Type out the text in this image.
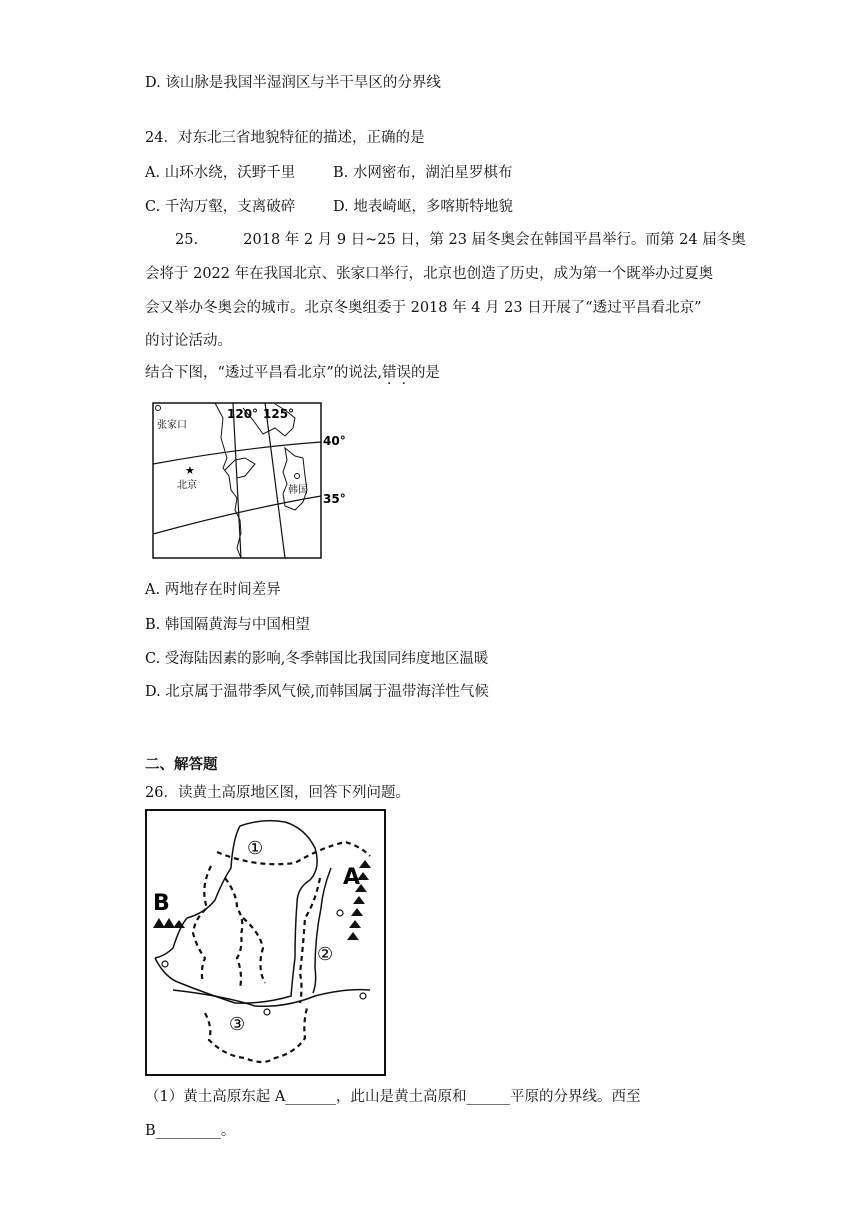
D. 该山脉是我国半湿润区与半干旱区的分界线
24．对东北三省地貌特征的描述，正确的是
A. 山环水绕，沃野千里	B. 水网密布，湖泊星罗棋布
C. 千沟万壑，支离破碎	D. 地表崎岖，多喀斯特地貌
25.	2018 年 2 月 9 日~25 日，第 23 届冬奥会在韩国平昌举行。而第 24 届冬奥
会将于 2022 年在我国北京、张家口举行，北京也创造了历史，成为第一个既举办过夏奥
会又举办冬奥会的城市。北京冬奥组委于 2018 年 4 月 23 日开展了“透过平昌看北京”
的讨论活动。
结合下图，“透过平昌看北京”的说法,错误的是
120° 125°
40°
35°
张家口
★
北京	韩国
A. 两地存在时间差异
B. 韩国隔黄海与中国相望
C. 受海陆因素的影响,冬季韩国比我国同纬度地区温暖
D. 北京属于温带季风气候,而韩国属于温带海洋性气候
二、解答题
26．读黄土高原地区图，回答下列问题。
A
B
①
②
③
（1）黄土高原东起 A_______，此山是黄土高原和______平原的分界线。西至
B_________。
